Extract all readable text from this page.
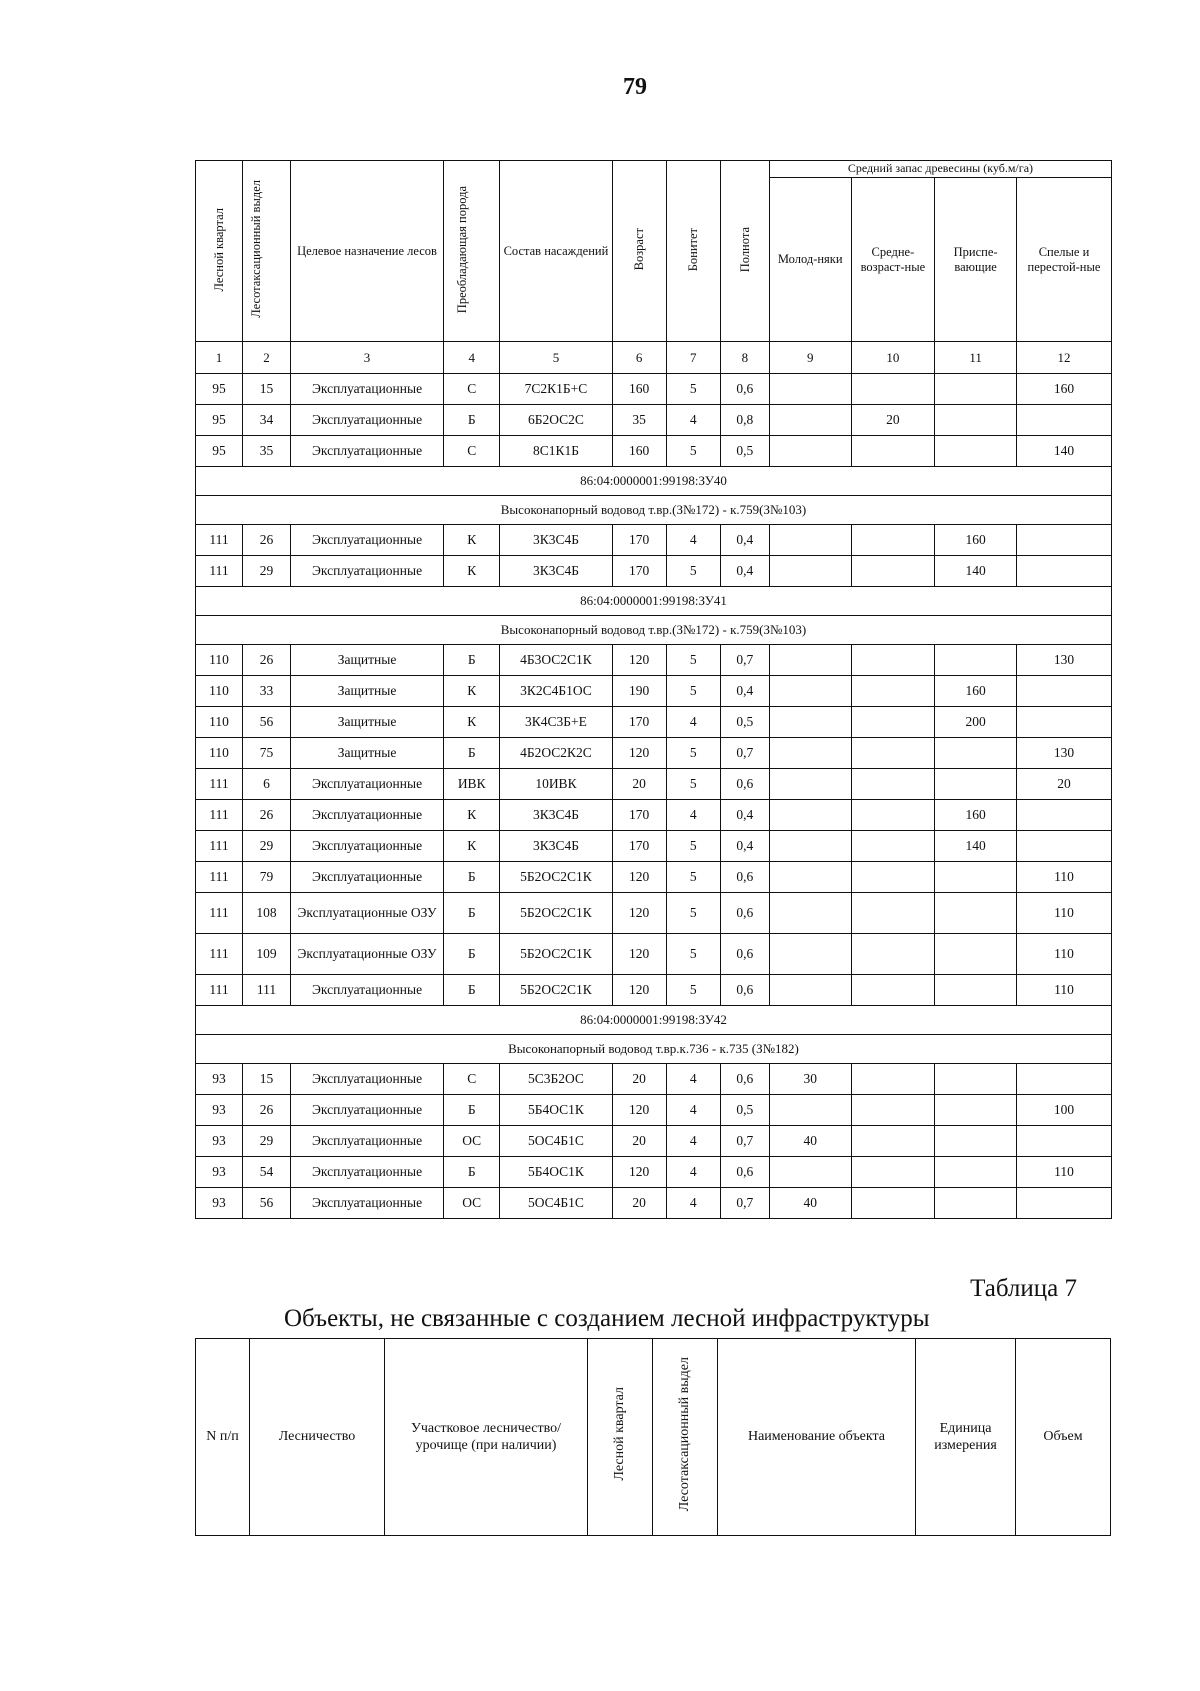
79
Лесной квартал	Лесотаксационный выдел	Целевое назначение лесов	Преобладающая порода	Состав насаждений	Возраст	Бонитет	Полнота	Средний запас древесины (куб.м/га)			
								Молод-няки	Средне-возраст-ные	Приспе-вающие	Спелые и перестой-ные
1	2	3	4	5	6	7	8	9	10	11	12
95	15	Эксплуатационные	С	7С2К1Б+С	160	5	0,6				160
95	34	Эксплуатационные	Б	6Б2ОС2С	35	4	0,8		20		
95	35	Эксплуатационные	С	8С1К1Б	160	5	0,5				140
86:04:0000001:99198:ЗУ40											
Высоконапорный водовод т.вр.(З№172) - к.759(З№103)											
111	26	Эксплуатационные	К	3К3С4Б	170	4	0,4			160	
111	29	Эксплуатационные	К	3К3С4Б	170	5	0,4			140	
86:04:0000001:99198:ЗУ41											
Высоконапорный водовод т.вр.(З№172) - к.759(З№103)											
110	26	Защитные	Б	4Б3ОС2С1К	120	5	0,7				130
110	33	Защитные	К	3К2С4Б1ОС	190	5	0,4			160	
110	56	Защитные	К	3К4С3Б+Е	170	4	0,5			200	
110	75	Защитные	Б	4Б2ОС2К2С	120	5	0,7				130
111	6	Эксплуатационные	ИВК	10ИВК	20	5	0,6				20
111	26	Эксплуатационные	К	3К3С4Б	170	4	0,4			160	
111	29	Эксплуатационные	К	3К3С4Б	170	5	0,4			140	
111	79	Эксплуатационные	Б	5Б2ОС2С1К	120	5	0,6				110
111	108	Эксплуатационные ОЗУ	Б	5Б2ОС2С1К	120	5	0,6				110
111	109	Эксплуатационные ОЗУ	Б	5Б2ОС2С1К	120	5	0,6				110
111	111	Эксплуатационные	Б	5Б2ОС2С1К	120	5	0,6				110
86:04:0000001:99198:ЗУ42											
Высоконапорный водовод т.вр.к.736 - к.735 (З№182)											
93	15	Эксплуатационные	С	5С3Б2ОС	20	4	0,6	30			
93	26	Эксплуатационные	Б	5Б4ОС1К	120	4	0,5				100
93	29	Эксплуатационные	ОС	5ОС4Б1С	20	4	0,7	40			
93	54	Эксплуатационные	Б	5Б4ОС1К	120	4	0,6				110
93	56	Эксплуатационные	ОС	5ОС4Б1С	20	4	0,7	40			
Таблица 7
Объекты, не связанные с созданием лесной инфраструктуры
N п/п	Лесничество	Участковое лесничество/урочище (при наличии)	Лесной квартал	Лесотаксационный выдел	Наименование объекта	Единица измерения	Объем
